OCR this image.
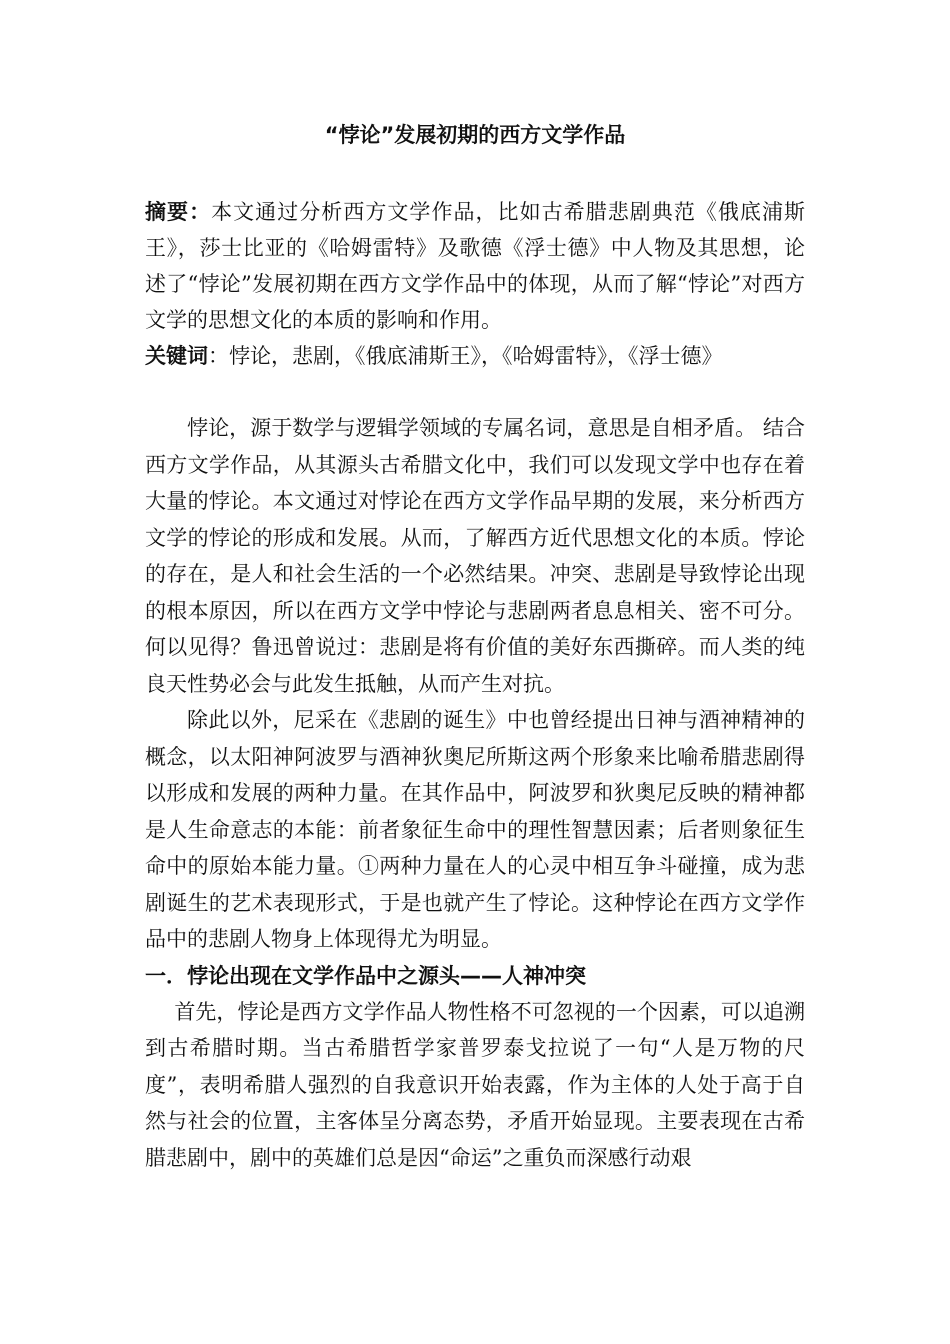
“悖论”发展初期的西方文学作品
摘要：本文通过分析西方文学作品，比如古希腊悲剧典范《俄底浦斯王》，莎士比亚的《哈姆雷特》及歌德《浮士德》中人物及其思想，论述了“悖论”发展初期在西方文学作品中的体现，从而了解“悖论”对西方文学的思想文化的本质的影响和作用。
关键词：悖论，悲剧，《俄底浦斯王》，《哈姆雷特》，《浮士德》

悖论，源于数学与逻辑学领域的专属名词，意思是自相矛盾。 结合西方文学作品，从其源头古希腊文化中，我们可以发现文学中也存在着大量的悖论。本文通过对悖论在西方文学作品早期的发展，来分析西方文学的悖论的形成和发展。从而，了解西方近代思想文化的本质。悖论的存在，是人和社会生活的一个必然结果。冲突、悲剧是导致悖论出现的根本原因，所以在西方文学中悖论与悲剧两者息息相关、密不可分。何以见得？鲁迅曾说过：悲剧是将有价值的美好东西撕碎。而人类的纯良天性势必会与此发生抵触，从而产生对抗。

除此以外，尼采在《悲剧的诞生》中也曾经提出日神与酒神精神的概念，以太阳神阿波罗与酒神狄奥尼所斯这两个形象来比喻希腊悲剧得以形成和发展的两种力量。在其作品中，阿波罗和狄奥尼反映的精神都是人生命意志的本能：前者象征生命中的理性智慧因素；后者则象征生命中的原始本能力量。①两种力量在人的心灵中相互争斗碰撞，成为悲剧诞生的艺术表现形式，于是也就产生了悖论。这种悖论在西方文学作品中的悲剧人物身上体现得尤为明显。

一．悖论出现在文学作品中之源头——人神冲突

首先，悖论是西方文学作品人物性格不可忽视的一个因素，可以追溯到古希腊时期。当古希腊哲学家普罗泰戈拉说了一句“人是万物的尺度”，表明希腊人强烈的自我意识开始表露，作为主体的人处于高于自然与社会的位置，主客体呈分离态势，矛盾开始显现。主要表现在古希腊悲剧中，剧中的英雄们总是因“命运”之重负而深感行动艰
